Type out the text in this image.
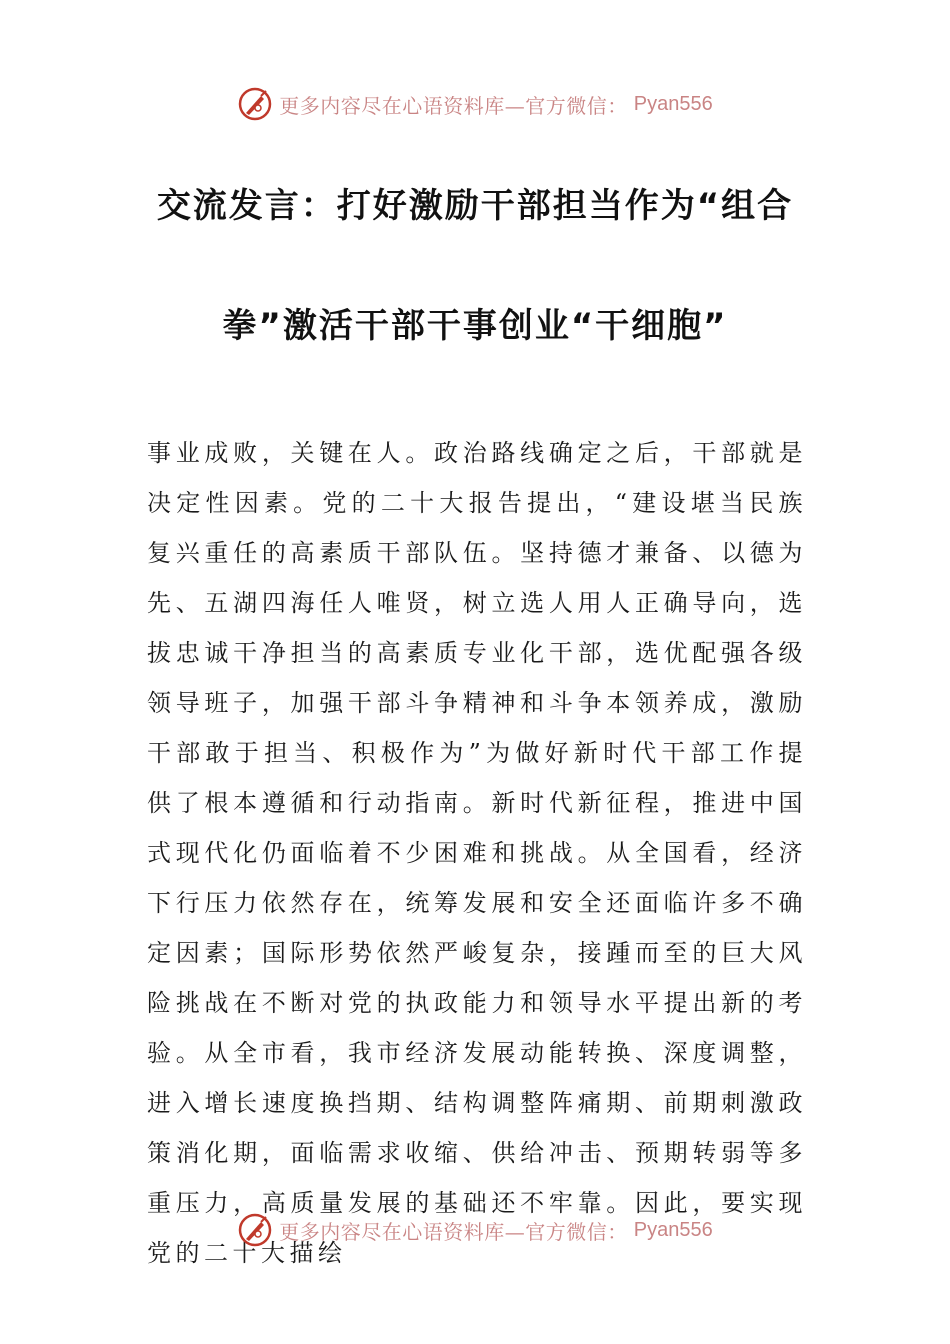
更多内容尽在心语资料库—官方微信： Pyan556
交流发言：打好激励干部担当作为“组合
拳”激活干部干事创业“干细胞”

事业成败，关键在人。政治路线确定之后，干部就是决定性因素。党的二十大报告提出，“建设堪当民族复兴重任的高素质干部队伍。坚持德才兼备、以德为先、五湖四海任人唯贤，树立选人用人正确导向，选拔忠诚干净担当的高素质专业化干部，选优配强各级领导班子，加强干部斗争精神和斗争本领养成，激励干部敢于担当、积极作为”为做好新时代干部工作提供了根本遵循和行动指南。新时代新征程，推进中国式现代化仍面临着不少困难和挑战。从全国看，经济下行压力依然存在，统筹发展和安全还面临许多不确定因素；国际形势依然严峻复杂，接踵而至的巨大风险挑战在不断对党的执政能力和领导水平提出新的考验。从全市看，我市经济发展动能转换、深度调整，进入增长速度换挡期、结构调整阵痛期、前期刺激政策消化期，面临需求收缩、供给冲击、预期转弱等多重压力，高质量发展的基础还不牢靠。因此，要实现党的二十大描绘

更多内容尽在心语资料库—官方微信： Pyan556
